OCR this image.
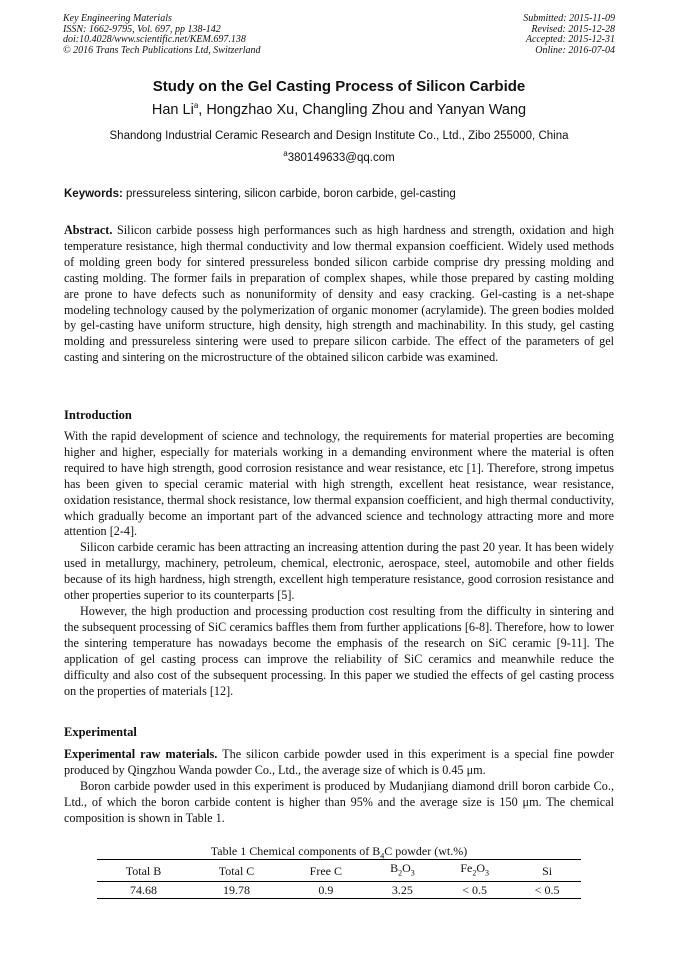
Key Engineering Materials
ISSN: 1662-9795, Vol. 697, pp 138-142
doi:10.4028/www.scientific.net/KEM.697.138
© 2016 Trans Tech Publications Ltd, Switzerland
Submitted: 2015-11-09
Revised: 2015-12-28
Accepted: 2015-12-31
Online: 2016-07-04
Study on the Gel Casting Process of Silicon Carbide
Han Li$^a$, Hongzhao Xu, Changling Zhou and Yanyan Wang
Shandong Industrial Ceramic Research and Design Institute Co., Ltd., Zibo 255000, China
$^a$380149633@qq.com
Keywords: pressureless sintering, silicon carbide, boron carbide, gel-casting
Abstract. Silicon carbide possess high performances such as high hardness and strength, oxidation and high temperature resistance, high thermal conductivity and low thermal expansion coefficient. Widely used methods of molding green body for sintered pressureless bonded silicon carbide comprise dry pressing molding and casting molding. The former fails in preparation of complex shapes, while those prepared by casting molding are prone to have defects such as nonuniformity of density and easy cracking. Gel-casting is a net-shape modeling technology caused by the polymerization of organic monomer (acrylamide). The green bodies molded by gel-casting have uniform structure, high density, high strength and machinability. In this study, gel casting molding and pressureless sintering were used to prepare silicon carbide. The effect of the parameters of gel casting and sintering on the microstructure of the obtained silicon carbide was examined.
Introduction

With the rapid development of science and technology, the requirements for material properties are becoming higher and higher, especially for materials working in a demanding environment where the material is often required to have high strength, good corrosion resistance and wear resistance, etc [1]. Therefore, strong impetus has been given to special ceramic material with high strength, excellent heat resistance, wear resistance, oxidation resistance, thermal shock resistance, low thermal expansion coefficient, and high thermal conductivity, which gradually become an important part of the advanced science and technology attracting more and more attention [2-4].

Silicon carbide ceramic has been attracting an increasing attention during the past 20 year. It has been widely used in metallurgy, machinery, petroleum, chemical, electronic, aerospace, steel, automobile and other fields because of its high hardness, high strength, excellent high temperature resistance, good corrosion resistance and other properties superior to its counterparts [5].

However, the high production and processing production cost resulting from the difficulty in sintering and the subsequent processing of SiC ceramics baffles them from further applications [6-8]. Therefore, how to lower the sintering temperature has nowadays become the emphasis of the research on SiC ceramic [9-11]. The application of gel casting process can improve the reliability of SiC ceramics and meanwhile reduce the difficulty and also cost of the subsequent processing. In this paper we studied the effects of gel casting process on the properties of materials [12].

Experimental

Experimental raw materials. The silicon carbide powder used in this experiment is a special fine powder produced by Qingzhou Wanda powder Co., Ltd., the average size of which is 0.45 μm.

Boron carbide powder used in this experiment is produced by Mudanjiang diamond drill boron carbide Co., Ltd., of which the boron carbide content is higher than 95% and the average size is 150 μm. The chemical composition is shown in Table 1.

Table 1 Chemical components of $B_4C$ powder (wt.%)
Total B	Total C	Free C	$B_2O_3$	$Fe_2O_3$	Si
74.68	19.78	0.9	3.25	< 0.5	< 0.5
